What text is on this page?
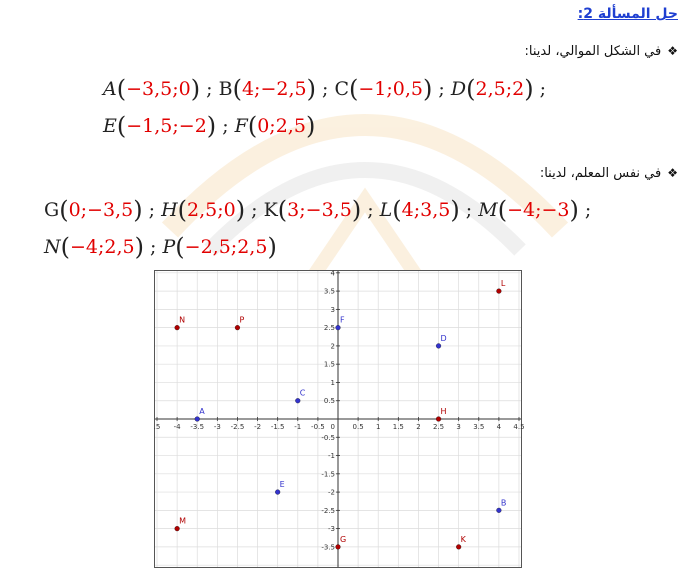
حل المسألة 2:
❖في الشكل الموالي، لدينا:
A(−3,5;0) ; B(4;−2,5) ; C(−1;0,5) ; D(2,5;2) ;
E(−1,5;−2) ; F(0;2,5)
❖في نفس المعلم، لدينا:
G(0;−3,5) ; H(2,5;0) ; K(3;−3,5) ; L(4;3,5) ; M(−4;−3) ;
N(−4;2,5) ; P(−2,5;2,5)
.5 -4 -3.5 -3 -2.5 -2 -1.5 -1 -0.5	0.5 1 1.5 2 2.5 3 3.5 4 4.5
4
3.5
3
2.5
2
1.5
1
0.5
-0.5
-1
-1.5
-2
-2.5
-3
-3.5
0
A
B
C
D
E
F
G
H
K
L
M
N	P
